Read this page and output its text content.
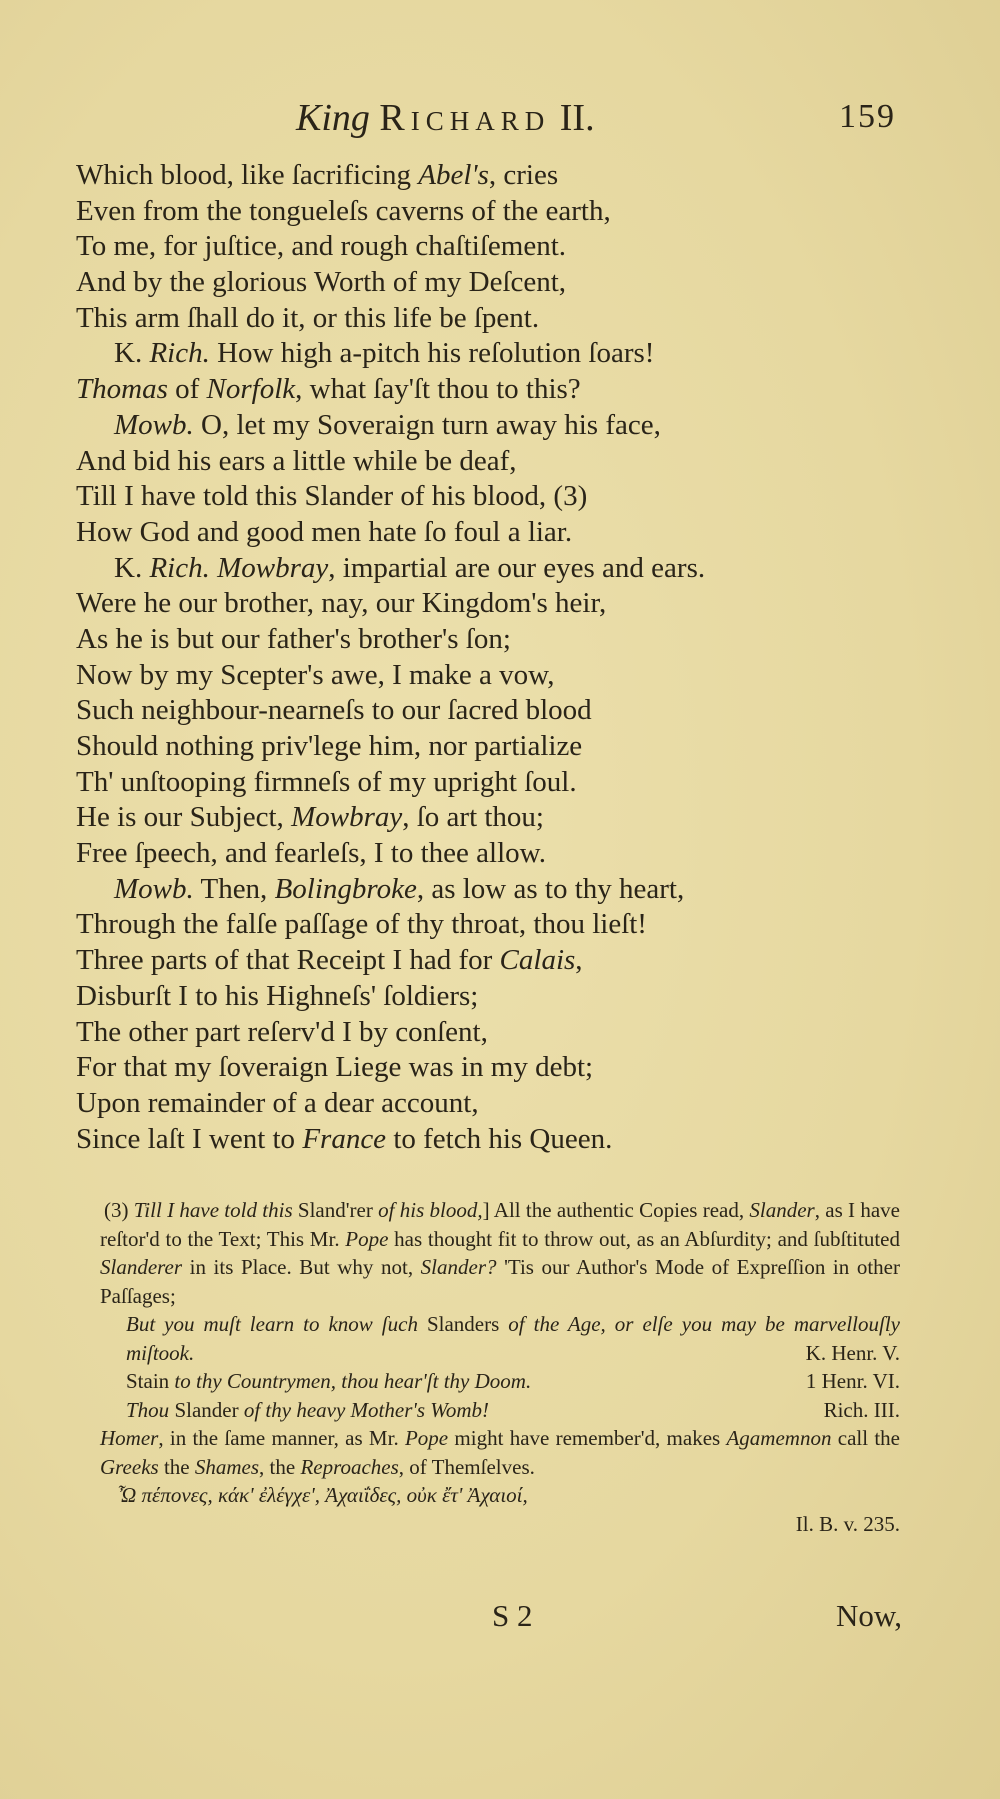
King Richard II.	159
Which blood, like ſacrificing Abel's, cries
Even from the tongueleſs caverns of the earth,
To me, for juſtice, and rough chaſtiſement.
And by the glorious Worth of my Deſcent,
This arm ſhall do it, or this life be ſpent.
K. Rich. How high a-pitch his reſolution ſoars!
Thomas of Norfolk, what ſay'ſt thou to this?
Mowb. O, let my Soveraign turn away his face,
And bid his ears a little while be deaf,
Till I have told this Slander of his blood, (3)
How God and good men hate ſo foul a liar.
K. Rich. Mowbray, impartial are our eyes and ears.
Were he our brother, nay, our Kingdom's heir,
As he is but our father's brother's ſon;
Now by my Scepter's awe, I make a vow,
Such neighbour-nearneſs to our ſacred blood
Should nothing priv'lege him, nor partialize
Th' unſtooping firmneſs of my upright ſoul.
He is our Subject, Mowbray, ſo art thou;
Free ſpeech, and fearleſs, I to thee allow.
Mowb. Then, Bolingbroke, as low as to thy heart,
Through the falſe paſſage of thy throat, thou lieſt!
Three parts of that Receipt I had for Calais,
Disburſt I to his Highneſs' ſoldiers;
The other part reſerv'd I by conſent,
For that my ſoveraign Liege was in my debt;
Upon remainder of a dear account,
Since laſt I went to France to fetch his Queen.

(3) Till I have told this Sland'rer of his blood,] All the authentic Copies read, Slander, as I have reſtor'd to the Text; This Mr. Pope has thought fit to throw out, as an Abſurdity; and ſubſtituted Slanderer in its Place. But why not, Slander? 'Tis our Author's Mode of Expreſſion in other Paſſages;

But you muſt learn to know ſuch Slanders of the Age, or elſe you may be marvellouſly miſtook.	K. Henr. V.
Stain to thy Countrymen, thou hear'ſt thy Doom.	1 Henr. VI.
Thou Slander of thy heavy Mother's Womb!	Rich. III.

Homer, in the ſame manner, as Mr. Pope might have remember'd, makes Agamemnon call the Greeks the Shames, the Reproaches, of Themſelves.

Ὦ πέπονες, κάκ' ἐλέγχε', Ἀχαιΐδες, οὐκ ἔτ' Ἀχαιοί,
Il. B. v. 235.
S 2	Now,
